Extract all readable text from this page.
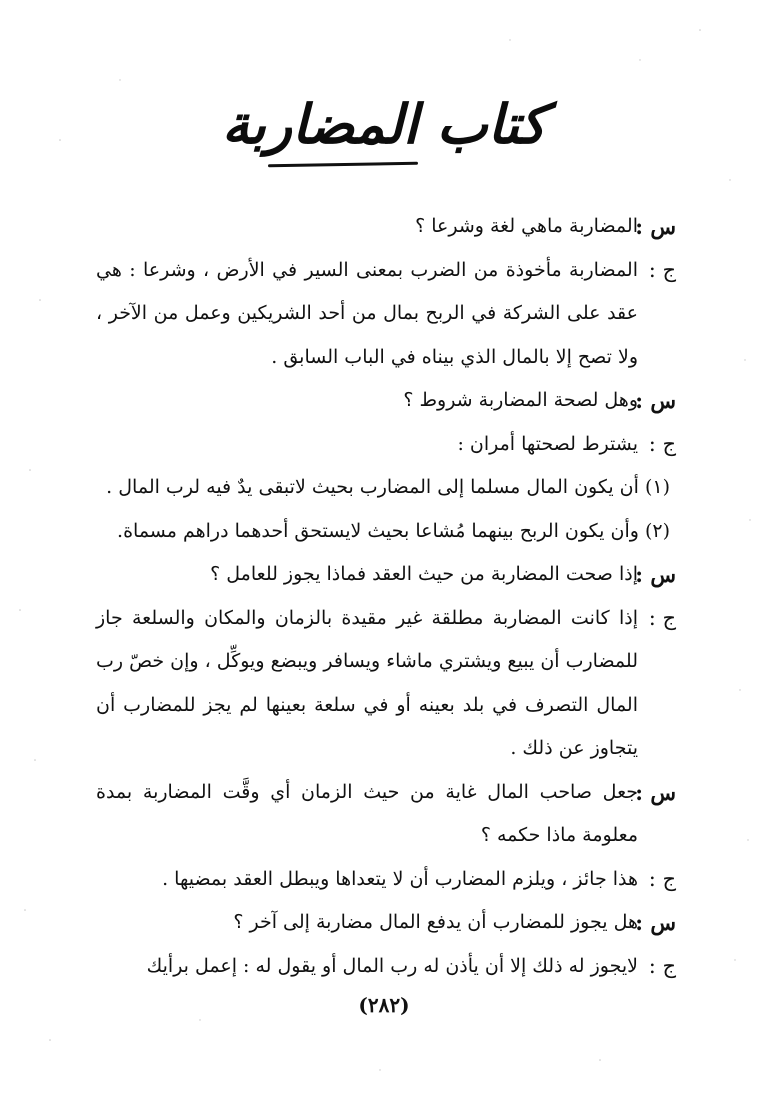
كتاب المضاربة
س :
المضاربة ماهي لغة وشرعا ؟
ج :
المضاربة مأخوذة من الضرب بمعنى السير في الأرض ، وشرعا : هي عقد على الشركة في الربح بمال من أحد الشريكين وعمل من الآخر ، ولا تصح إلا بالمال الذي بيناه في الباب السابق .
س :
وهل لصحة المضاربة شروط ؟
ج :
يشترط لصحتها أمران :
(١) أن يكون المال مسلما إلى المضارب بحيث لاتبقى يدٌ فيه لرب المال .
(٢) وأن يكون الربح بينهما مُشاعا بحيث لايستحق أحدهما دراهم مسماة.
س :
إذا صحت المضاربة من حيث العقد فماذا يجوز للعامل ؟
ج :
إذا كانت المضاربة مطلقة غير مقيدة بالزمان والمكان والسلعة جاز للمضارب أن يبيع ويشتري ماشاء ويسافر ويبضع ويوكِّل ، وإن خصّ رب المال التصرف في بلد بعينه أو في سلعة بعينها لم يجز للمضارب أن يتجاوز عن ذلك .
س :
جعل صاحب المال غاية من حيث الزمان أي وقَّت المضاربة بمدة معلومة ماذا حكمه ؟
ج :
هذا جائز ، ويلزم المضارب أن لا يتعداها ويبطل العقد بمضيها .
س :
هل يجوز للمضارب أن يدفع المال مضاربة إلى آخر ؟
ج :
لايجوز له ذلك إلا أن يأذن له رب المال أو يقول له : إعمل برأيك
(٢٨٢)
